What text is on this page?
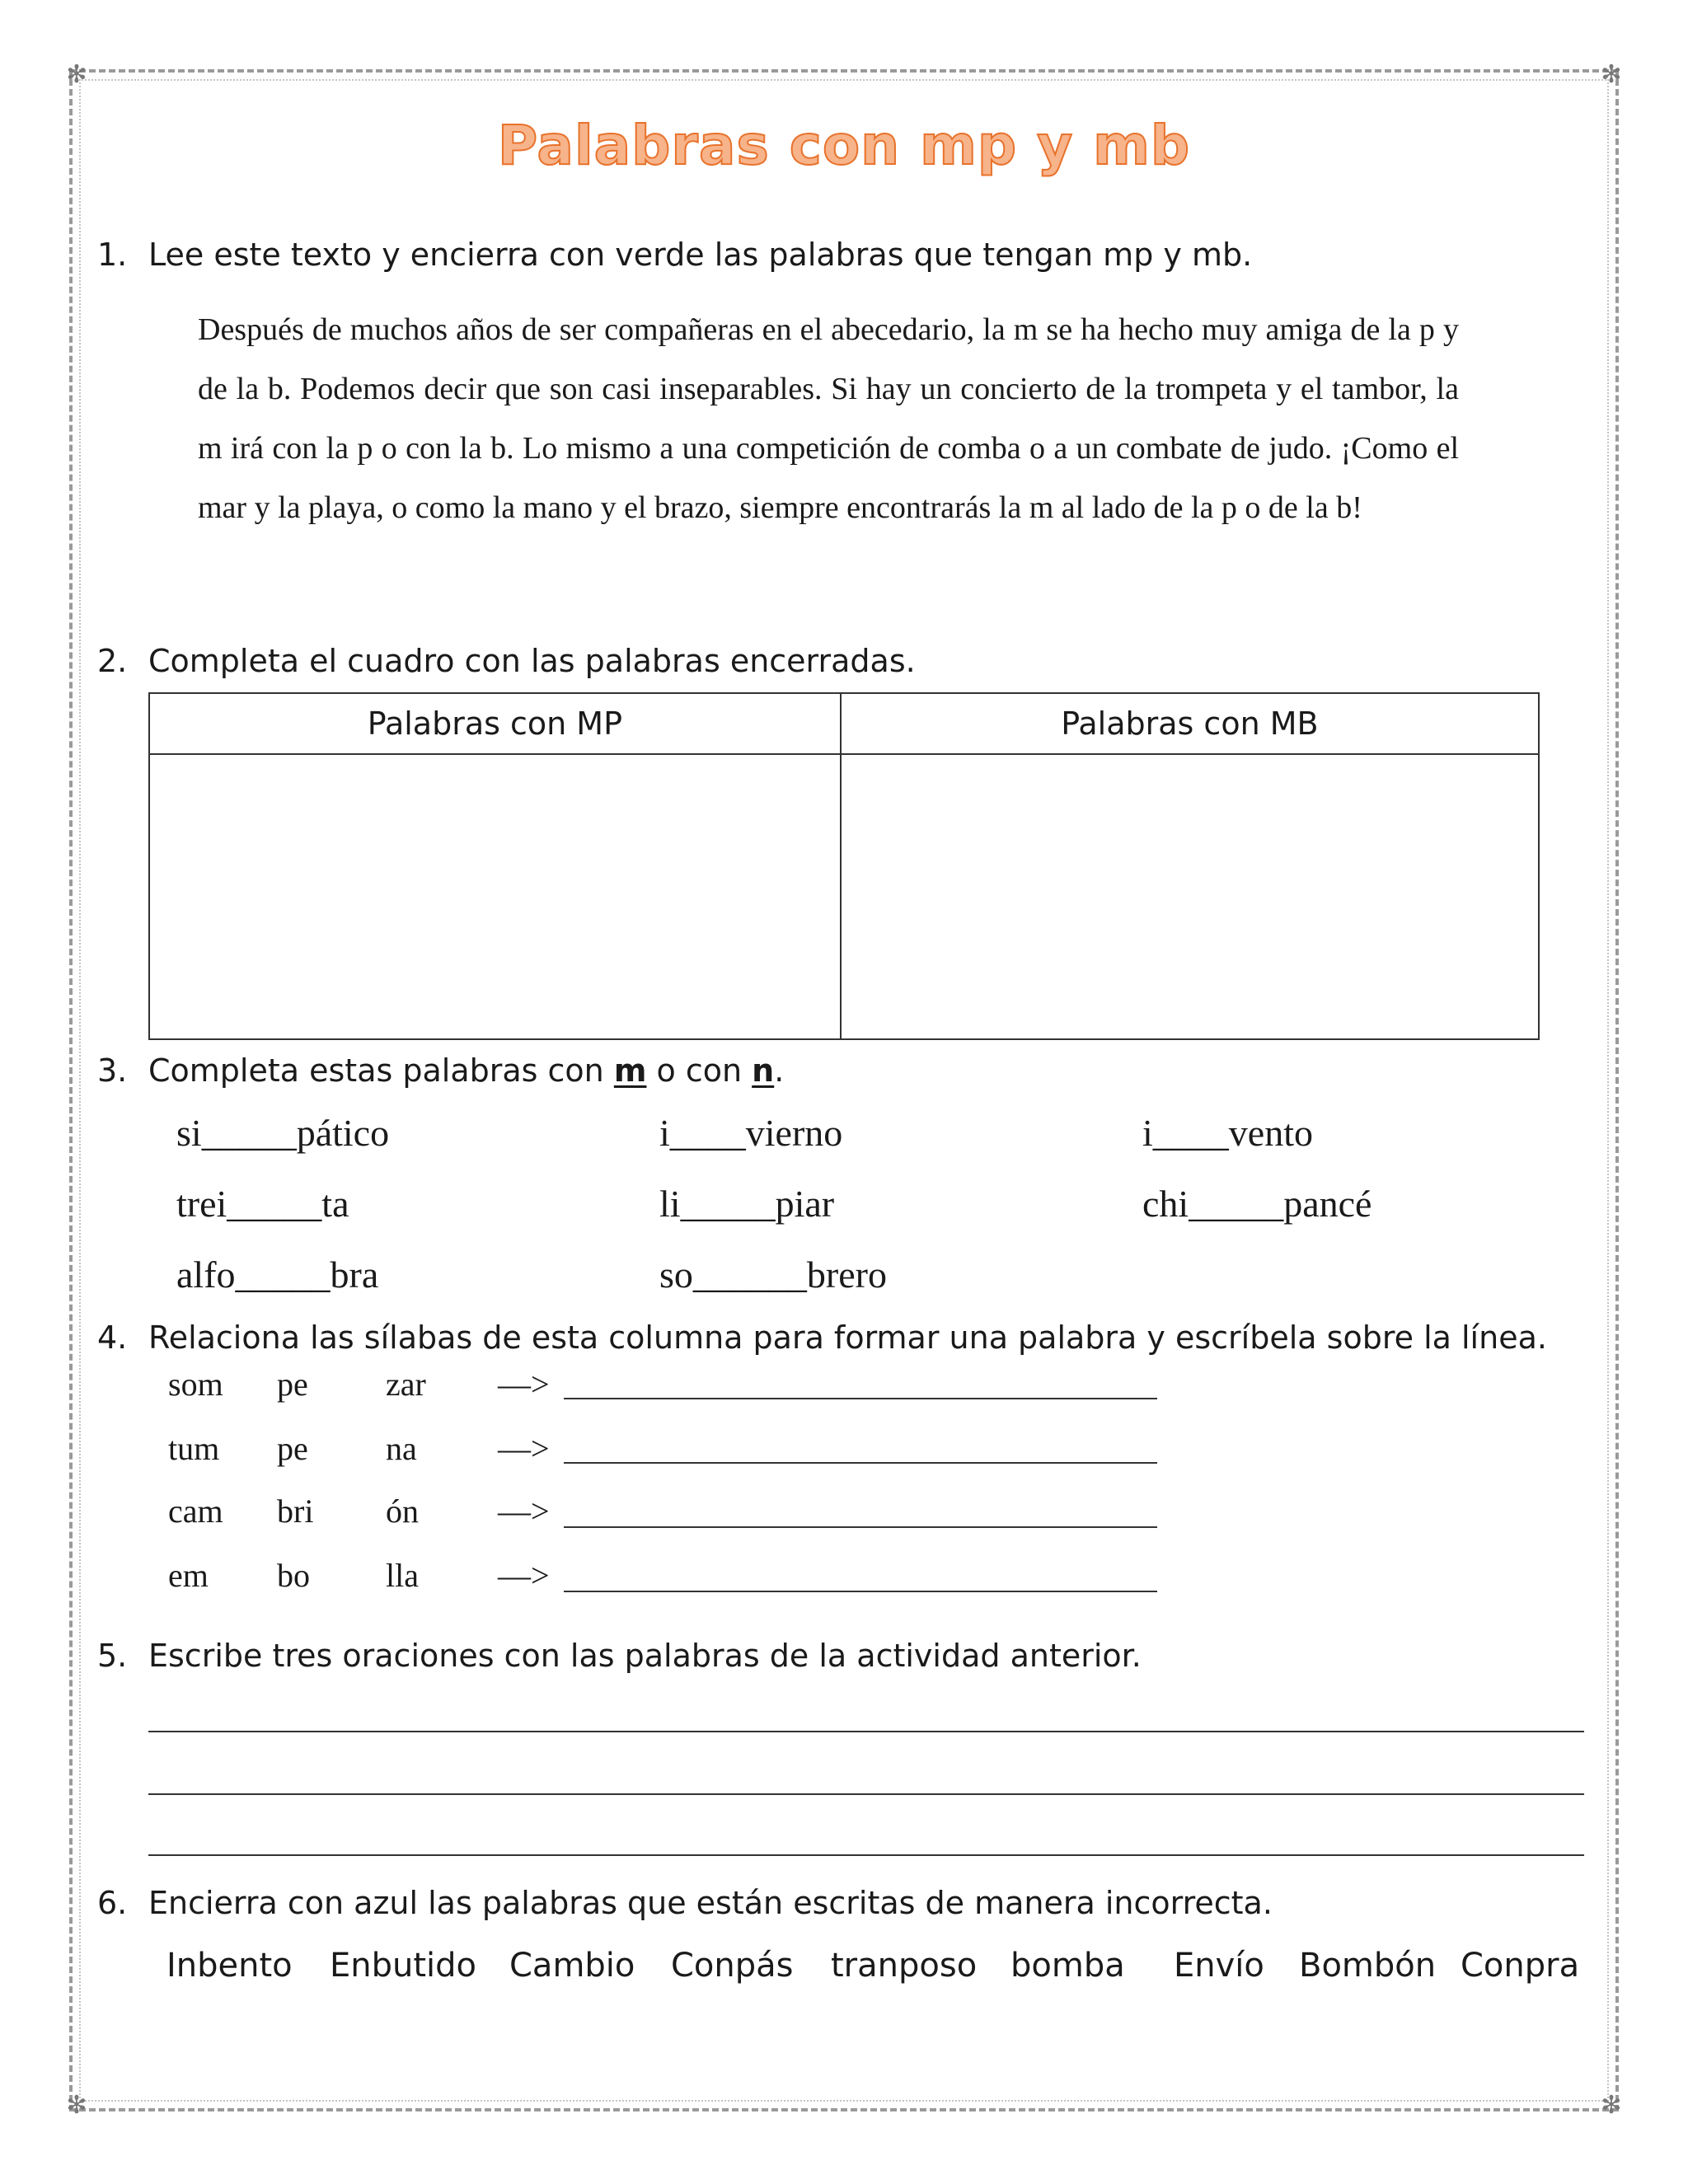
✻	✻
✻	✻
Palabras con mp y mb
1. Lee este texto y encierra con verde las palabras que tengan mp y mb.
Después de muchos años de ser compañeras en el abecedario, la m se ha hecho muy amiga de la p y de la b. Podemos decir que son casi inseparables. Si hay un concierto de la trompeta y el tambor, la m irá con la p o con la b. Lo mismo a una competición de comba o a un combate de judo. ¡Como el mar y la playa, o como la mano y el brazo, siempre encontrarás la m al lado de la p o de la b!
2. Completa el cuadro con las palabras encerradas.
Palabras con MP	Palabras con MB

3. Completa estas palabras con m o con n.
si_____pático	i____vierno	i____vento
trei_____ta	li_____piar	chi_____pancé
alfo_____bra	so______brero
4. Relaciona las sílabas de esta columna para formar una palabra y escríbela sobre la línea.
som pe zar —>
tum pe na —>
cam bri ón —>
em bo lla —>
5. Escribe tres oraciones con las palabras de la actividad anterior.
6. Encierra con azul las palabras que están escritas de manera incorrecta.
Inbento Enbutido Cambio Conpás tranposo bomba Envío Bombón Conpra
